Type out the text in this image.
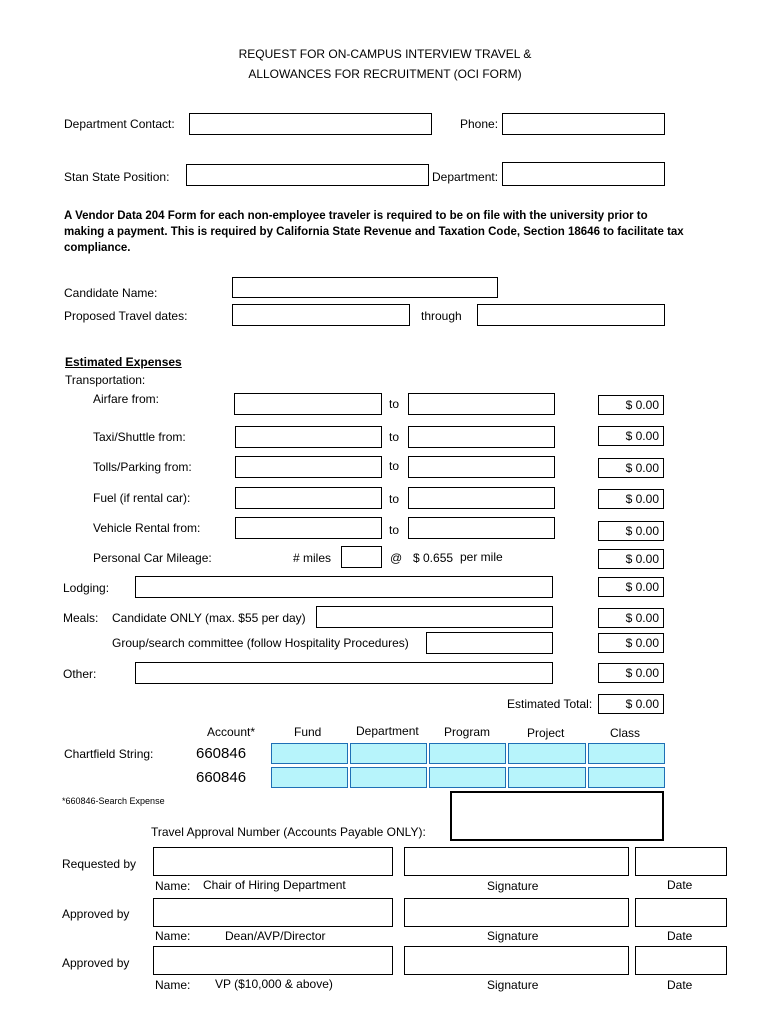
REQUEST FOR ON-CAMPUS INTERVIEW TRAVEL &
ALLOWANCES FOR RECRUITMENT (OCI FORM)
Department Contact:	Phone:
Stan State Position:	Department:
A Vendor Data 204 Form for each non-employee traveler is required to be on file with the university prior to
making a payment. This is required by California State Revenue and Taxation Code, Section 18646 to facilitate tax
compliance.
Candidate Name:
Proposed Travel dates:	through
Estimated Expenses
Transportation:
Airfare from:	to	$ 0.00
Taxi/Shuttle from:	to	$ 0.00
Tolls/Parking from:	to	$ 0.00
Fuel (if rental car):	to	$ 0.00
Vehicle Rental from:	to	$ 0.00
Personal Car Mileage:	# miles	@ $ 0.655 per mile	$ 0.00
Lodging:	$ 0.00
Meals: Candidate ONLY (max. $55 per day)	$ 0.00
Group/search committee (follow Hospitality Procedures)	$ 0.00
Other:	$ 0.00
Estimated Total:	$ 0.00
Account*	Fund	Department Program	Project	Class
Chartfield String:	660846
660846
*660846-Search Expense
Travel Approval Number (Accounts Payable ONLY):
Requested by
Name: Chair of Hiring Department	Signature	Date
Approved by
Name:	Dean/AVP/Director	Signature	Date
Approved by
Name: VP ($10,000 & above)	Signature	Date
